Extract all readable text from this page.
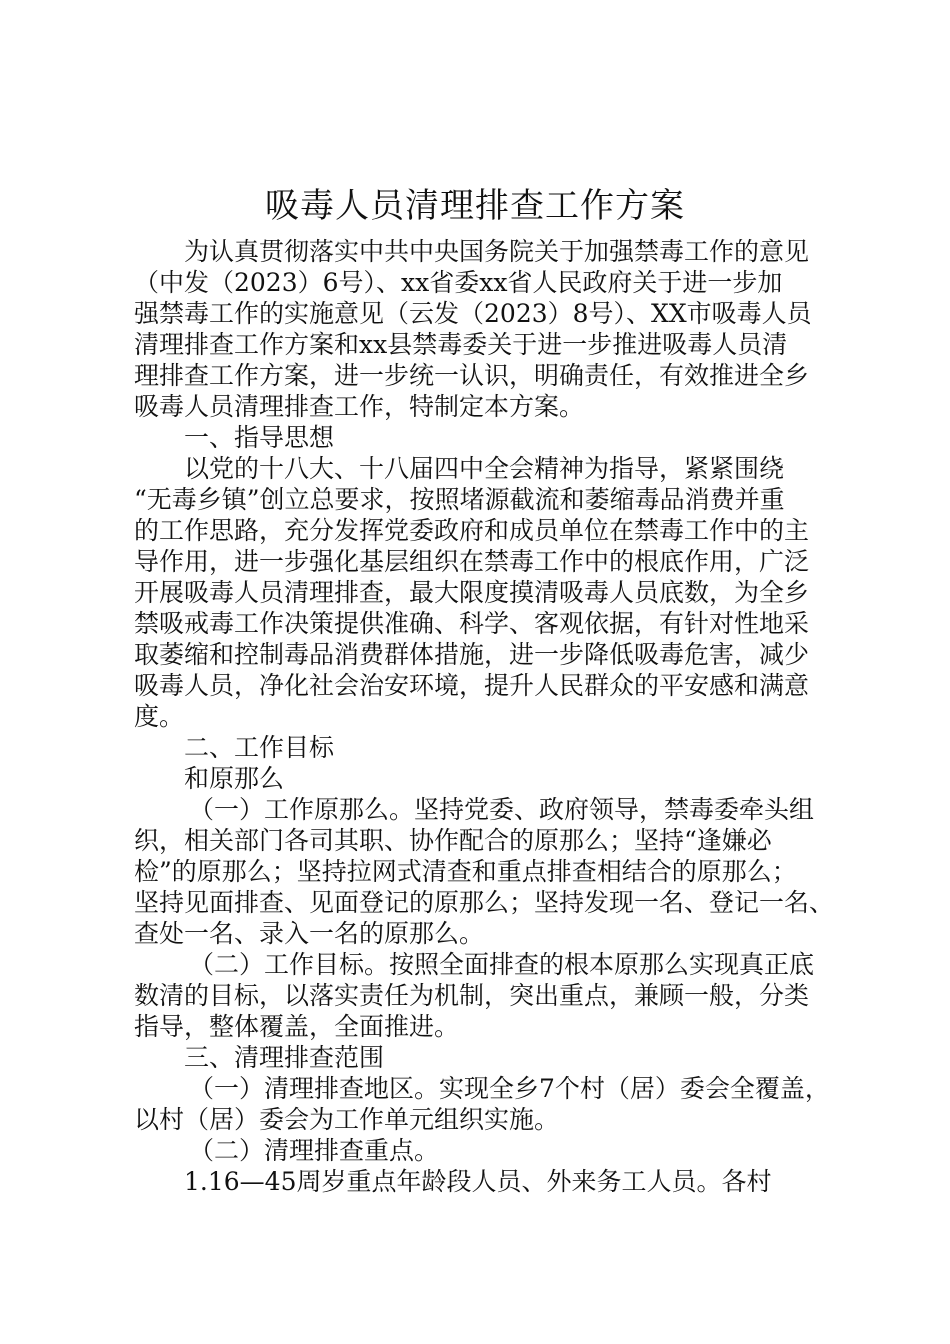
吸毒人员清理排查工作方案
为认真贯彻落实中共中央国务院关于加强禁毒工作的意见
（中发（2023）6号）、xx省委xx省人民政府关于进一步加
强禁毒工作的实施意见（云发（2023）8号）、XX市吸毒人员
清理排查工作方案和xx县禁毒委关于进一步推进吸毒人员清
理排查工作方案，进一步统一认识，明确责任，有效推进全乡
吸毒人员清理排查工作，特制定本方案。
一、指导思想
以党的十八大、十八届四中全会精神为指导，紧紧围绕
“无毒乡镇”创立总要求，按照堵源截流和萎缩毒品消费并重
的工作思路，充分发挥党委政府和成员单位在禁毒工作中的主
导作用，进一步强化基层组织在禁毒工作中的根底作用，广泛
开展吸毒人员清理排查，最大限度摸清吸毒人员底数，为全乡
禁吸戒毒工作决策提供准确、科学、客观依据，有针对性地采
取萎缩和控制毒品消费群体措施，进一步降低吸毒危害，减少
吸毒人员，净化社会治安环境，提升人民群众的平安感和满意
度。
二、工作目标
和原那么
（一）工作原那么。坚持党委、政府领导，禁毒委牵头组
织，相关部门各司其职、协作配合的原那么；坚持“逢嫌必
检”的原那么；坚持拉网式清查和重点排查相结合的原那么；
坚持见面排查、见面登记的原那么；坚持发现一名、登记一名、
查处一名、录入一名的原那么。
（二）工作目标。按照全面排查的根本原那么实现真正底
数清的目标，以落实责任为机制，突出重点，兼顾一般，分类
指导，整体覆盖，全面推进。
三、清理排查范围
（一）清理排查地区。实现全乡7个村（居）委会全覆盖，
以村（居）委会为工作单元组织实施。
（二）清理排查重点。
1.16—45周岁重点年龄段人员、外来务工人员。各村
